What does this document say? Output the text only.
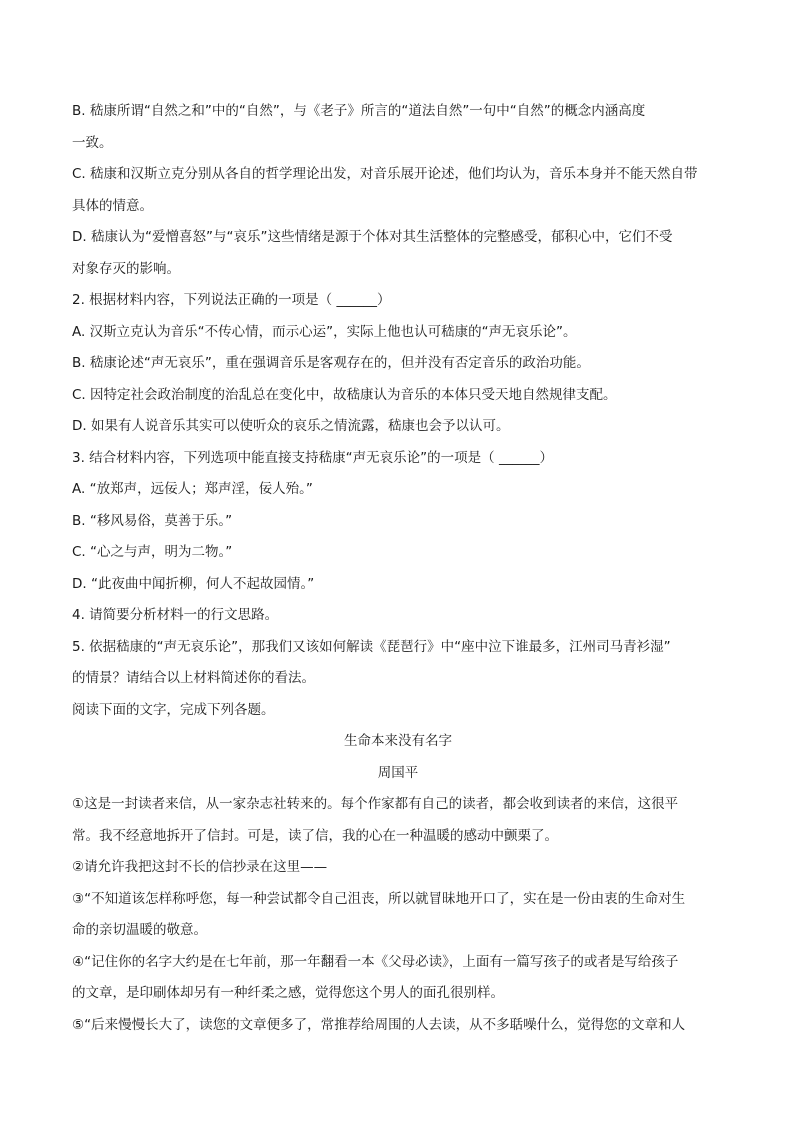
B. 嵇康所谓“自然之和”中的“自然”，与《老子》所言的“道法自然”一句中“自然”的概念内涵高度

一致。

C. 嵇康和汉斯立克分别从各自的哲学理论出发，对音乐展开论述，他们均认为，音乐本身并不能天然自带

具体的情意。

D. 嵇康认为“爱憎喜怒”与“哀乐”这些情绪是源于个体对其生活整体的完整感受，郁积心中，它们不受

对象存灭的影响。

2. 根据材料内容，下列说法正确的一项是（ ______）

A. 汉斯立克认为音乐“不传心情，而示心运”，实际上他也认可嵇康的“声无哀乐论”。

B. 嵇康论述“声无哀乐”，重在强调音乐是客观存在的，但并没有否定音乐的政治功能。

C. 因特定社会政治制度的治乱总在变化中，故嵇康认为音乐的本体只受天地自然规律支配。

D. 如果有人说音乐其实可以使听众的哀乐之情流露，嵇康也会予以认可。

3. 结合材料内容，下列选项中能直接支持嵇康“声无哀乐论”的一项是（ ______）

A. “放郑声，远佞人；郑声淫，佞人殆。”

B. “移风易俗，莫善于乐。”

C. “心之与声，明为二物。”

D. “此夜曲中闻折柳，何人不起故园情。”

4. 请简要分析材料一的行文思路。

5. 依据嵇康的“声无哀乐论”，那我们又该如何解读《琵琶行》中“座中泣下谁最多，江州司马青衫湿”

的情景？请结合以上材料简述你的看法。

阅读下面的文字，完成下列各题。

生命本来没有名字

周国平

①这是一封读者来信，从一家杂志社转来的。每个作家都有自己的读者，都会收到读者的来信，这很平

常。我不经意地拆开了信封。可是，读了信，我的心在一种温暖的感动中颤栗了。

②请允许我把这封不长的信抄录在这里——

③“不知道该怎样称呼您，每一种尝试都令自己沮丧，所以就冒昧地开口了，实在是一份由衷的生命对生

命的亲切温暖的敬意。

④“记住你的名字大约是在七年前，那一年翻看一本《父母必读》，上面有一篇写孩子的或者是写给孩子

的文章，是印刷体却另有一种纤柔之感，觉得您这个男人的面孔很别样。

⑤“后来慢慢长大了，读您的文章便多了，常推荐给周围的人去读，从不多聒噪什么，觉得您的文章和人
